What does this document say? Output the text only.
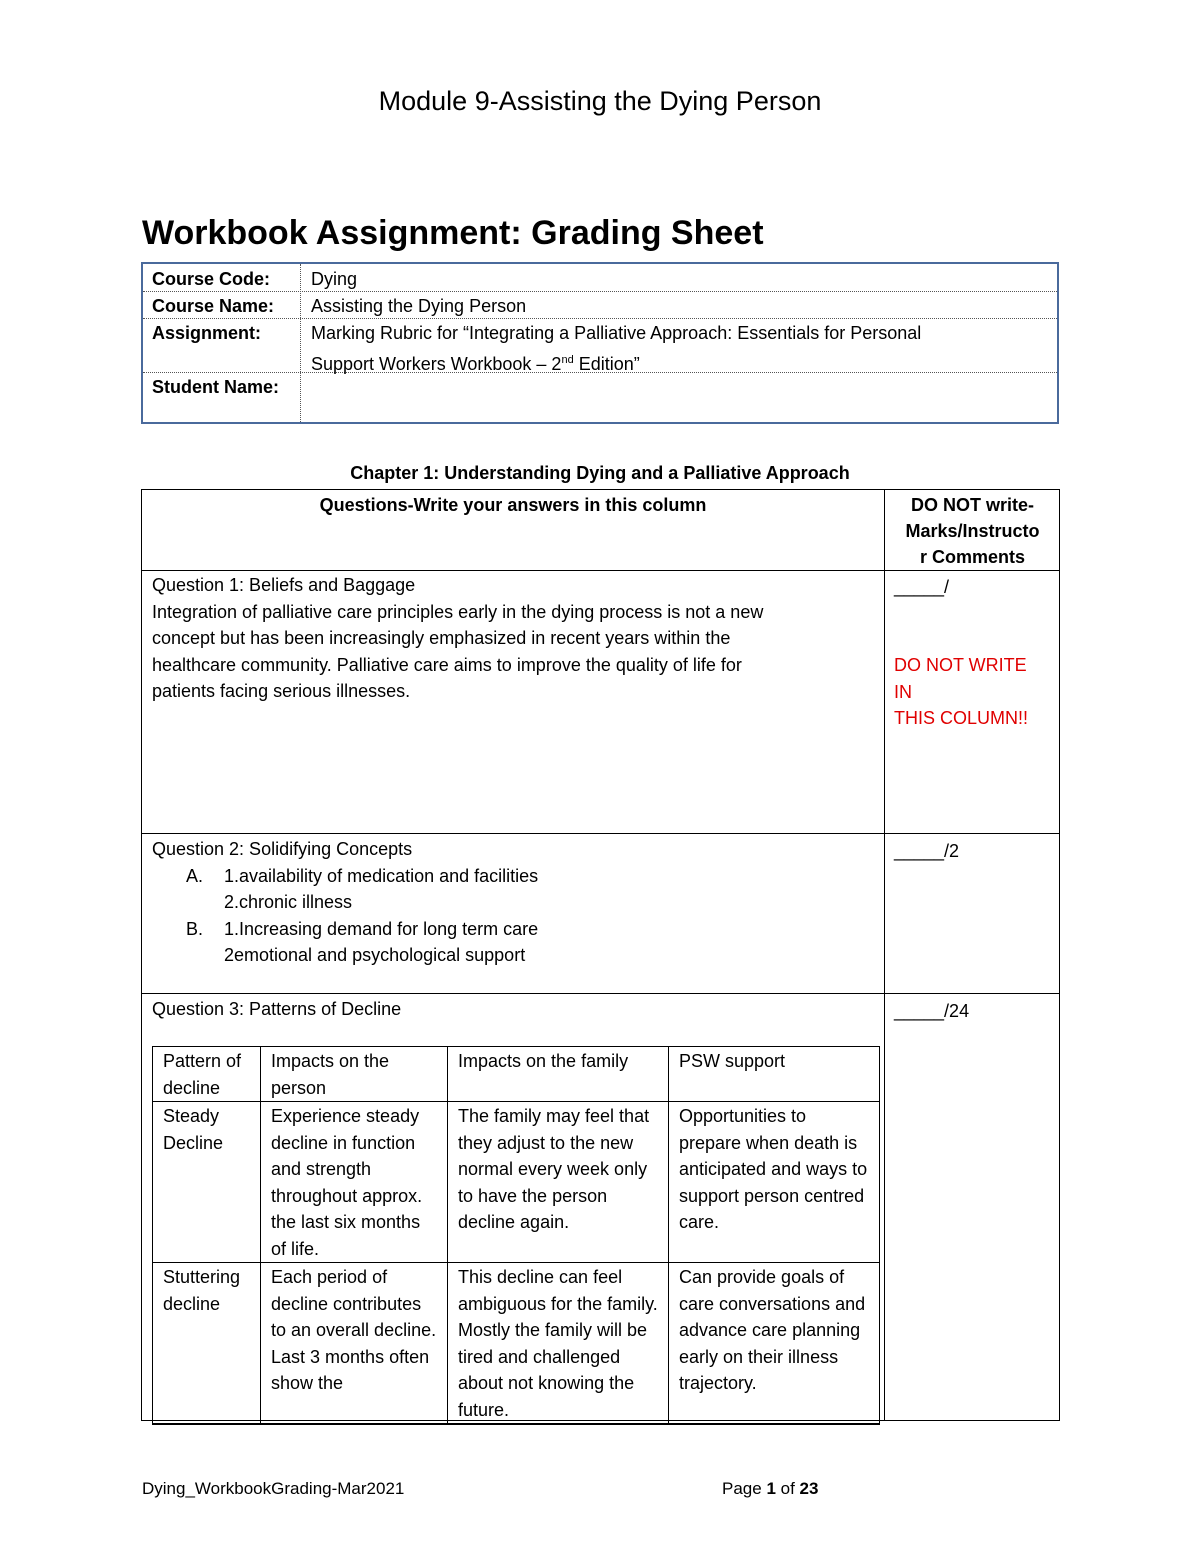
Module 9-Assisting the Dying Person
Workbook Assignment: Grading Sheet
Course Code: Dying
Course Name: Assisting the Dying Person
Assignment:	Marking Rubric for “Integrating a Palliative Approach: Essentials for Personal
Support Workers Workbook – 2nd Edition”
Student Name:
Chapter 1: Understanding Dying and a Palliative Approach
Questions-Write your answers in this column	DO NOT write-
Marks/Instructo
r Comments
Question 1: Beliefs and Baggage
Integration of palliative care principles early in the dying process is not a new
concept but has been increasingly emphasized in recent years within the
healthcare community. Palliative care aims to improve the quality of life for
patients facing serious illnesses.
_____/
DO NOT WRITE
IN
THIS COLUMN!!
Question 2: Solidifying Concepts
A. 1.availability of medication and facilities
2.chronic illness
B. 1.Increasing demand for long term care
2emotional and psychological support
_____/2
Question 3: Patterns of Decline	_____/24
Pattern of decline	Impacts on the person	Impacts on the family	PSW support
Steady Decline	Experience steady decline in function and strength throughout approx. the last six months of life.	The family may feel that they adjust to the new normal every week only to have the person decline again.	Opportunities to prepare when death is anticipated and ways to support person centred care.
Stuttering decline	Each period of decline contributes to an overall decline. Last 3 months often show the	This decline can feel ambiguous for the family. Mostly the family will be tired and challenged about not knowing the future.	Can provide goals of care conversations and advance care planning early on their illness trajectory.
Dying_WorkbookGrading-Mar2021	Page 1 of 23
